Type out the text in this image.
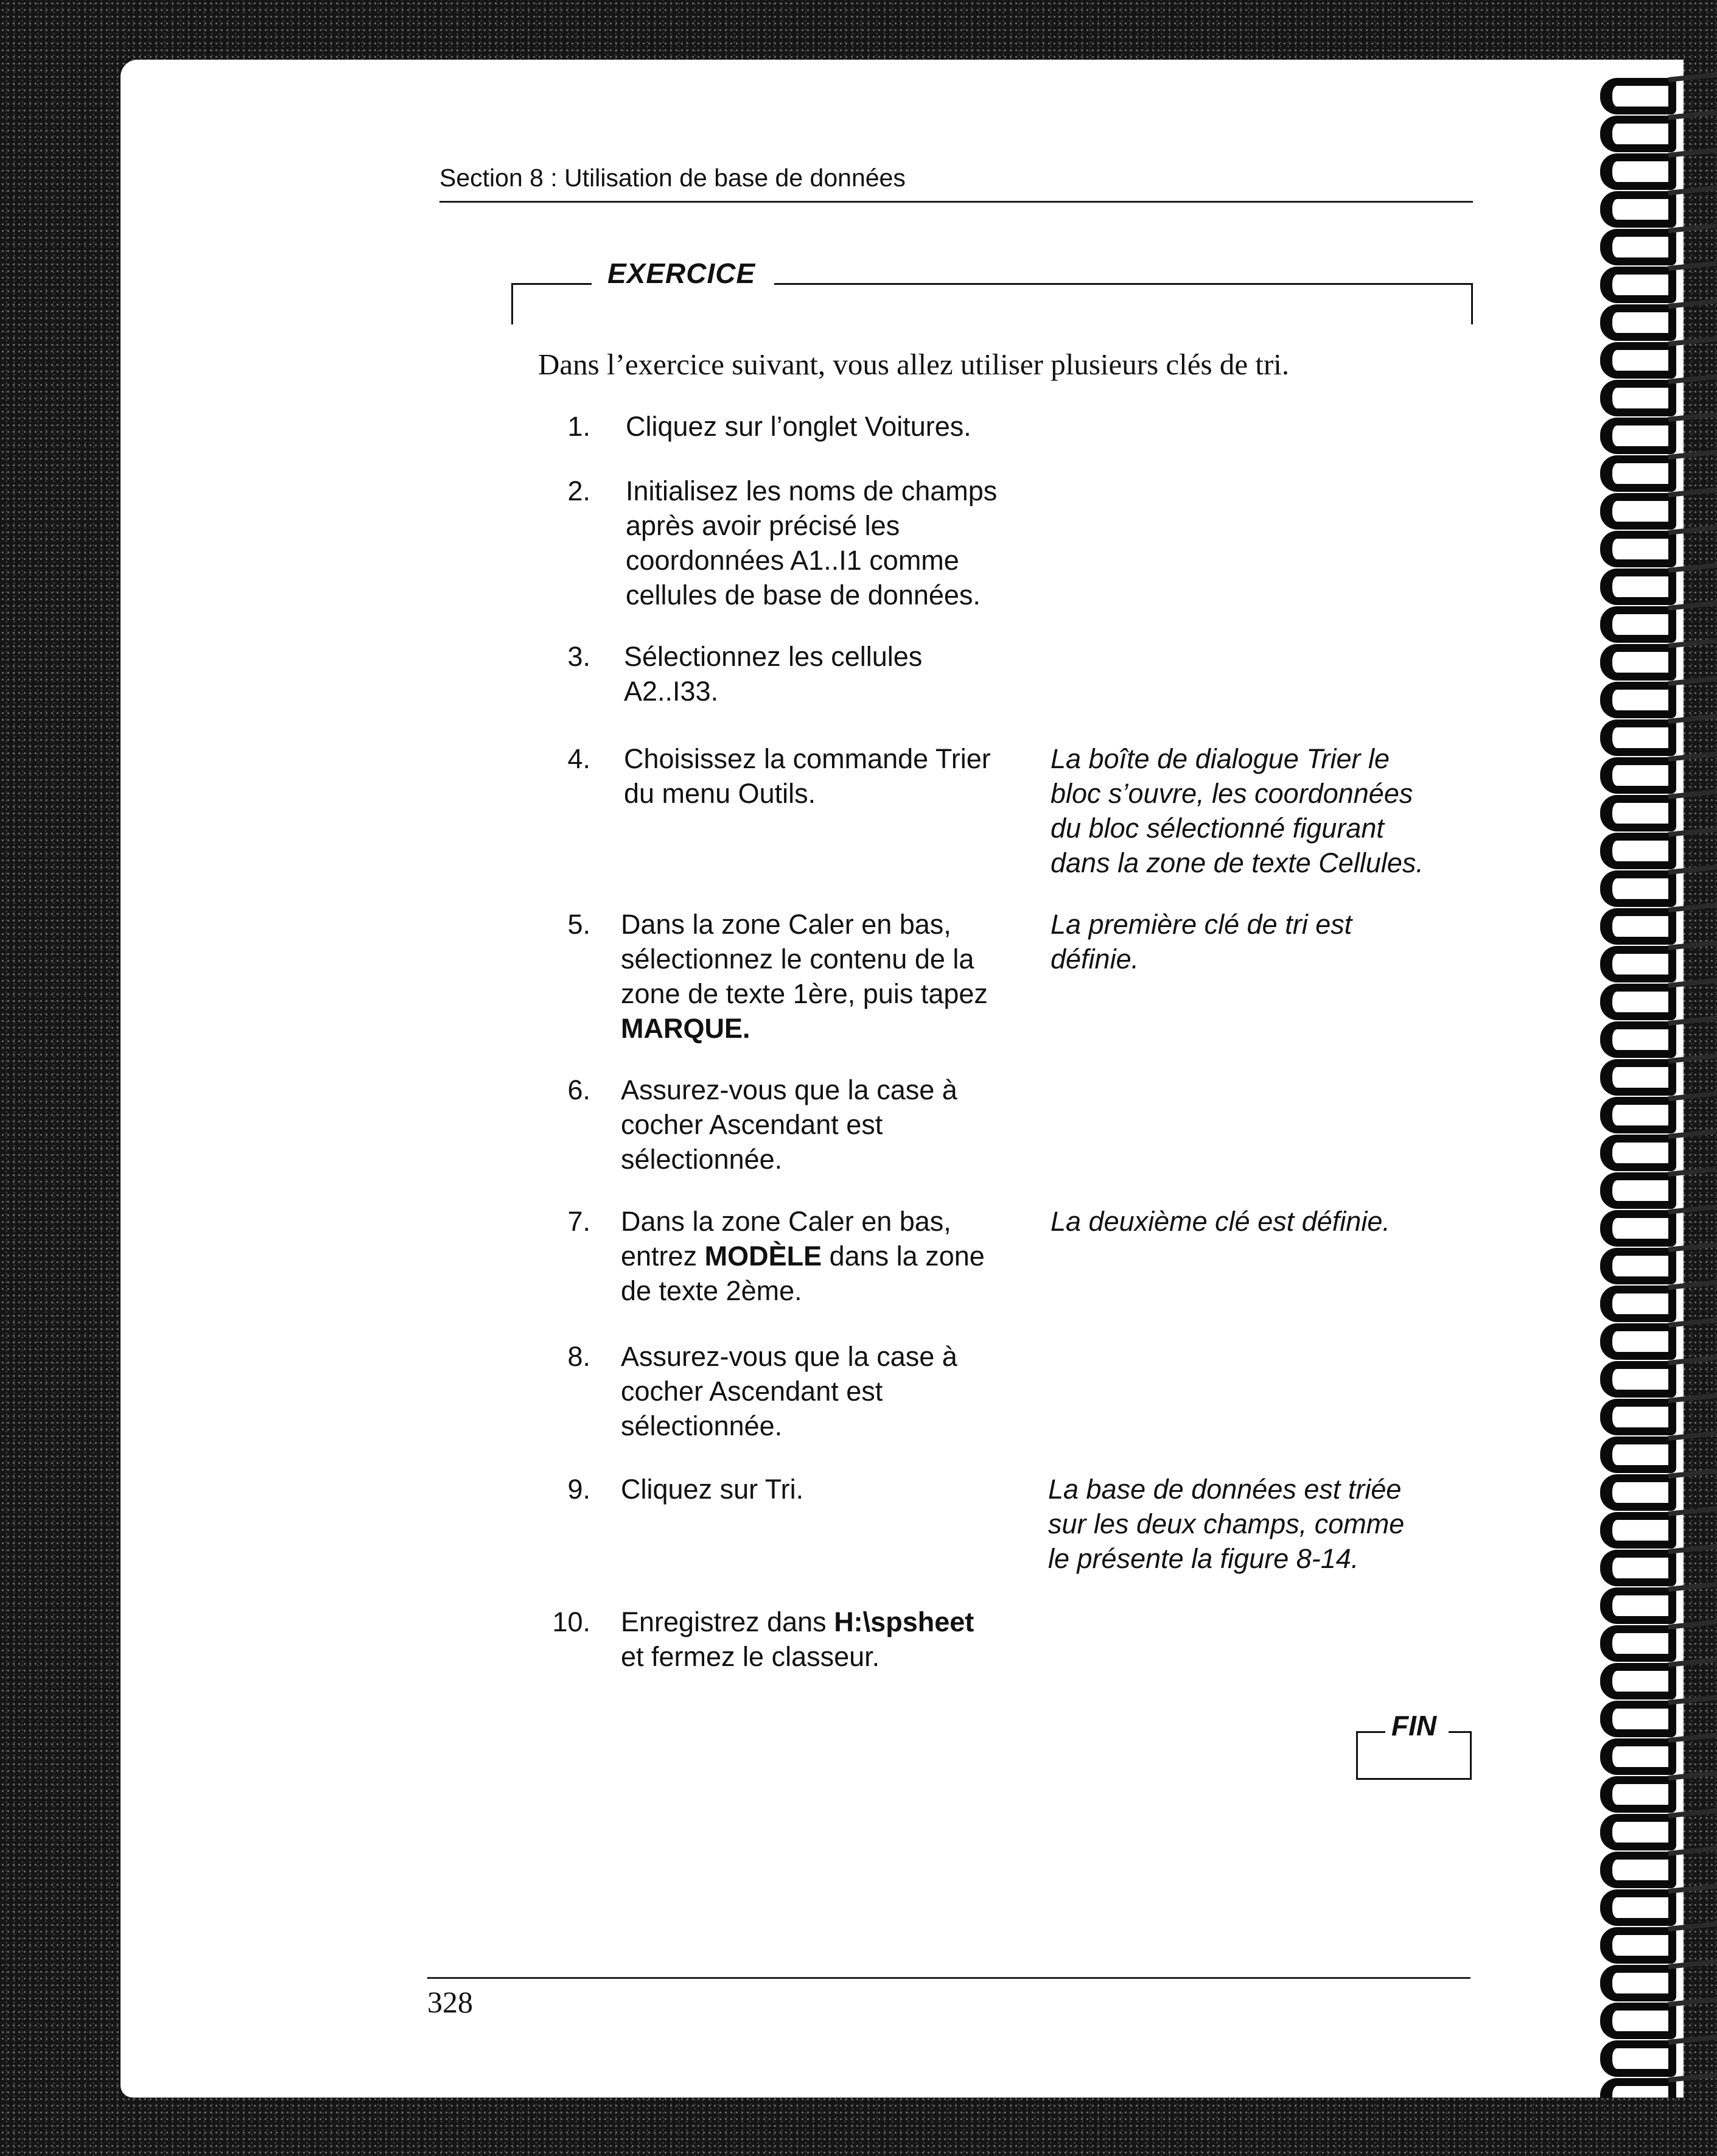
Section 8 : Utilisation de base de données
EXERCICE
Dans l’exercice suivant, vous allez utiliser plusieurs clés de tri.
1. Cliquez sur l’onglet Voitures.
2. Initialisez les noms de champs
après avoir précisé les
coordonnées A1..I1 comme
cellules de base de données.
3. Sélectionnez les cellules
A2..I33.
4. Choisissez la commande Trier
du menu Outils.
La boîte de dialogue Trier le
bloc s’ouvre, les coordonnées
du bloc sélectionné figurant
dans la zone de texte Cellules.
5. Dans la zone Caler en bas,
sélectionnez le contenu de la
zone de texte 1ère, puis tapez
MARQUE.
La première clé de tri est
définie.
6. Assurez-vous que la case à
cocher Ascendant est
sélectionnée.
7. Dans la zone Caler en bas,
entrez MODÈLE dans la zone
de texte 2ème.
La deuxième clé est définie.
8. Assurez-vous que la case à
cocher Ascendant est
sélectionnée.
9. Cliquez sur Tri.	La base de données est triée
sur les deux champs, comme
le présente la figure 8-14.
10. Enregistrez dans H:\spsheet
et fermez le classeur.
FIN
328
